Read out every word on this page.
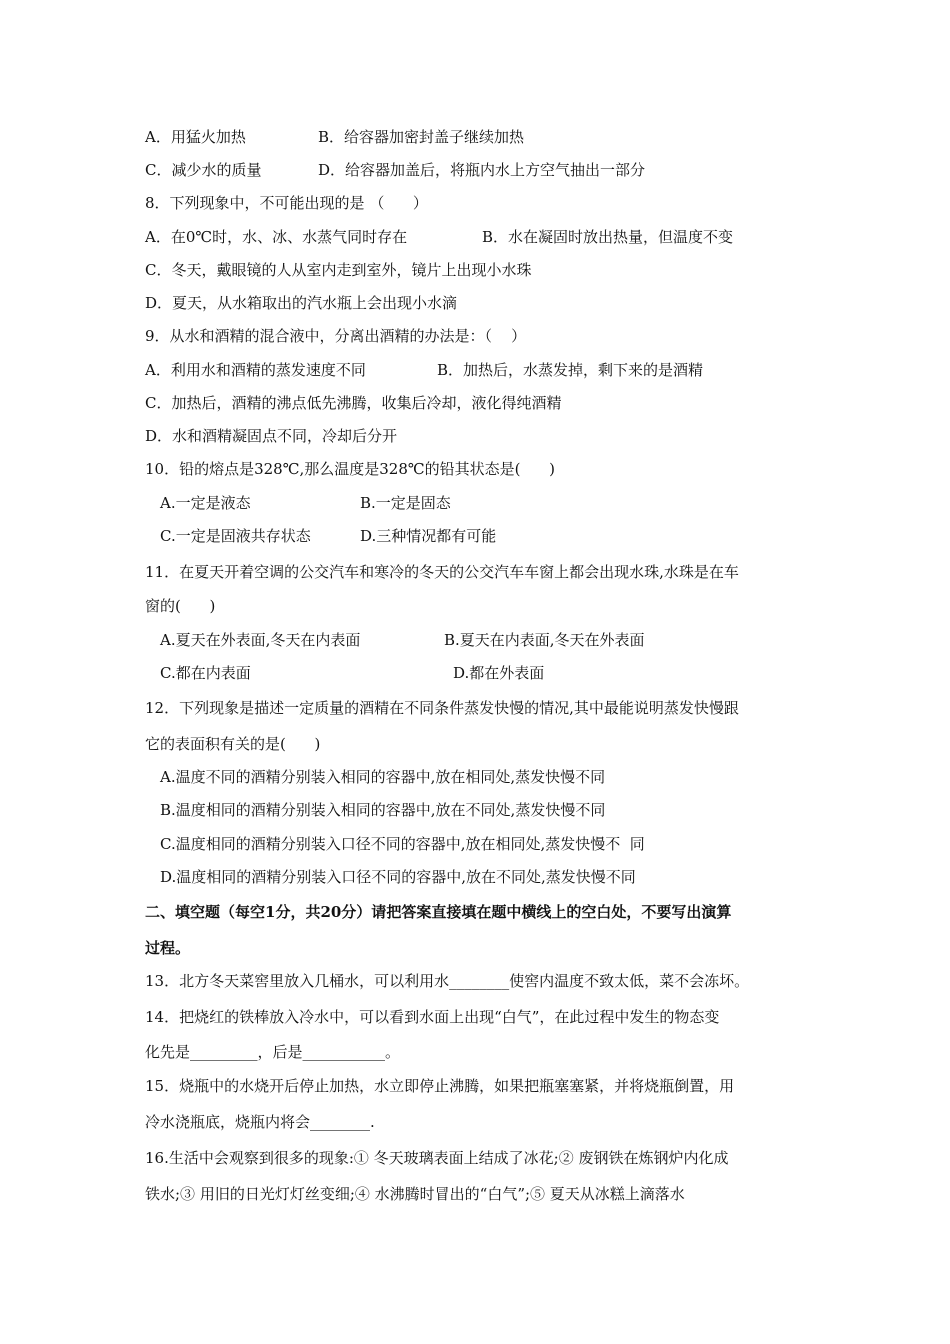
A．用猛火加热	B．给容器加密封盖子继续加热
C．减少水的质量	D．给容器加盖后，将瓶内水上方空气抽出一部分
8．下列现象中，不可能出现的是 （      ）
A．在0℃时，水、冰、水蒸气同时存在	B．水在凝固时放出热量，但温度不变
C．冬天，戴眼镜的人从室内走到室外，镜片上出现小水珠
D．夏天，从水箱取出的汽水瓶上会出现小水滴
9．从水和酒精的混合液中，分离出酒精的办法是：（    ）
A．利用水和酒精的蒸发速度不同	B．加热后，水蒸发掉，剩下来的是酒精
C．加热后，酒精的沸点低先沸腾，收集后冷却，液化得纯酒精
D．水和酒精凝固点不同，冷却后分开
10．铅的熔点是328℃,那么温度是328℃的铅其状态是(      )
A.一定是液态	B.一定是固态
C.一定是固液共存状态	D.三种情况都有可能
11．在夏天开着空调的公交汽车和寒冷的冬天的公交汽车车窗上都会出现水珠,水珠是在车
窗的(      )
A.夏天在外表面,冬天在内表面	B.夏天在内表面,冬天在外表面
C.都在内表面	D.都在外表面
12．下列现象是描述一定质量的酒精在不同条件蒸发快慢的情况,其中最能说明蒸发快慢跟
它的表面积有关的是(      )
A.温度不同的酒精分别装入相同的容器中,放在相同处,蒸发快慢不同
B.温度相同的酒精分别装入相同的容器中,放在不同处,蒸发快慢不同
C.温度相同的酒精分别装入口径不同的容器中,放在相同处,蒸发快慢不  同
D.温度相同的酒精分别装入口径不同的容器中,放在不同处,蒸发快慢不同
二、填空题（每空1分，共20分）请把答案直接填在题中横线上的空白处，不要写出演算
过程。
13．北方冬天菜窖里放入几桶水，可以利用水________使窖内温度不致太低，菜不会冻坏。
14．把烧红的铁棒放入冷水中，可以看到水面上出现“白气”，在此过程中发生的物态变
化先是_________，后是___________。
15．烧瓶中的水烧开后停止加热，水立即停止沸腾，如果把瓶塞塞紧，并将烧瓶倒置，用
冷水浇瓶底，烧瓶内将会________.
16.生活中会观察到很多的现象:① 冬天玻璃表面上结成了冰花;② 废钢铁在炼钢炉内化成
铁水;③ 用旧的日光灯灯丝变细;④ 水沸腾时冒出的“白气”;⑤ 夏天从冰糕上滴落水
